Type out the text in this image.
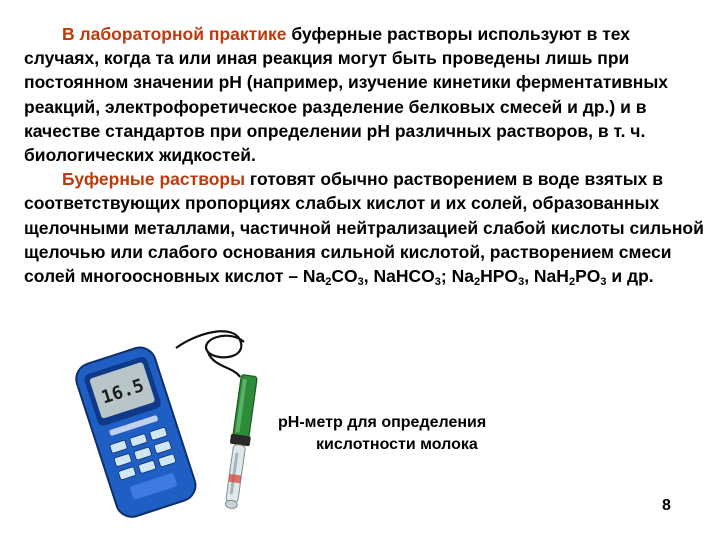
В лабораторной практике буферные растворы используют в тех случаях, когда та или иная реакция могут быть проведены лишь при постоянном значении рН (например, изучение кинетики ферментативных реакций, электрофоретическое разделение белковых смесей и др.) и в качестве стандартов при определении рН различных растворов, в т. ч. биологических жидкостей.

Буферные растворы готовят обычно растворением в воде взятых в соответствующих пропорциях слабых кислот и их солей, образованных щелочными металлами, частичной нейтрализацией слабой кислоты сильной щелочью или слабого основания сильной кислотой, растворением смеси солей многоосновных кислот – $Na_2CO_3$, NaHCO$_3$; $Na_2HPO_3$, $NaH_2PO_3$ и др.

16.5
рН-метр для определения
кислотности молока
8
